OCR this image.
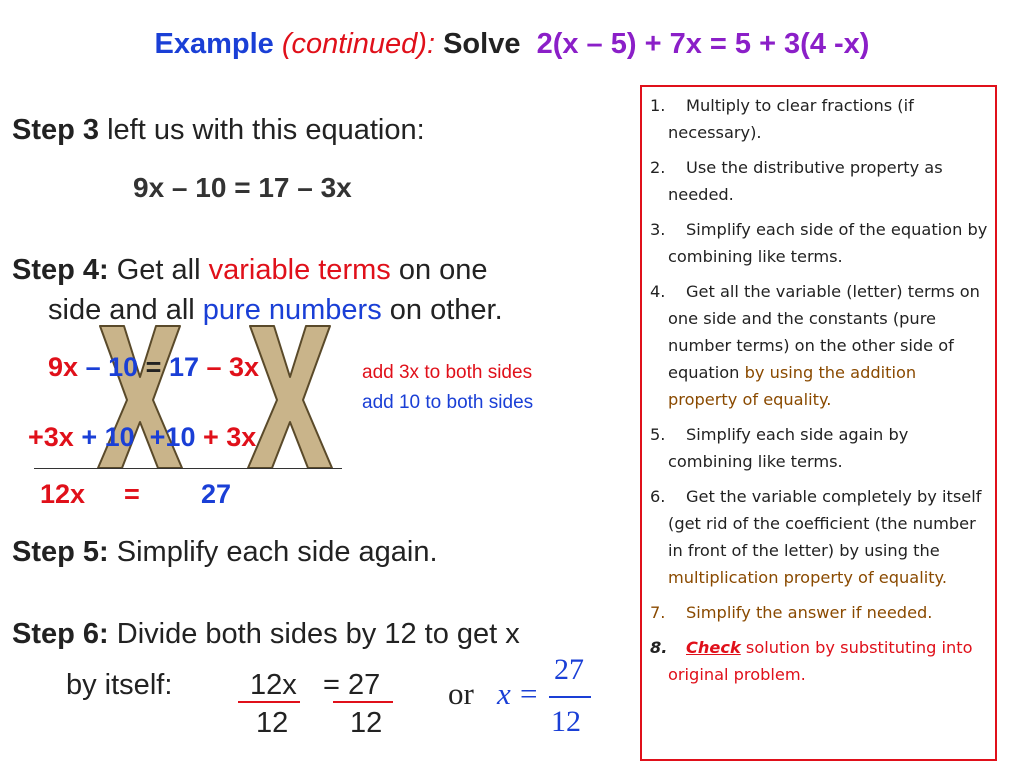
Example (continued): Solve 2(x – 5) + 7x = 5 + 3(4 -x)
Step 3 left us with this equation:
9x – 10 = 17 – 3x
Step 4: Get all variable terms on one
side and all pure numbers on other.
9x – 10 = 17 – 3x	add 3x to both sides
add 10 to both sides
+3x + 10 +10 + 3x
12x = 27
Step 5: Simplify each side again.
Step 6: Divide both sides by 12 to get x
by itself:	12x = 27
12 12
or x =
27
12
1. Multiply to clear fractions (if necessary).
2. Use the distributive property as needed.
3. Simplify each side of the equation by combining like terms.
4. Get all the variable (letter) terms on one side and the constants (pure number terms) on the other side of equation by using the addition property of equality.
5. Simplify each side again by combining like terms.
6. Get the variable completely by itself (get rid of the coefficient (the number in front of the letter) by using the multiplication property of equality.
7. Simplify the answer if needed.
8. Check solution by substituting into original problem.
